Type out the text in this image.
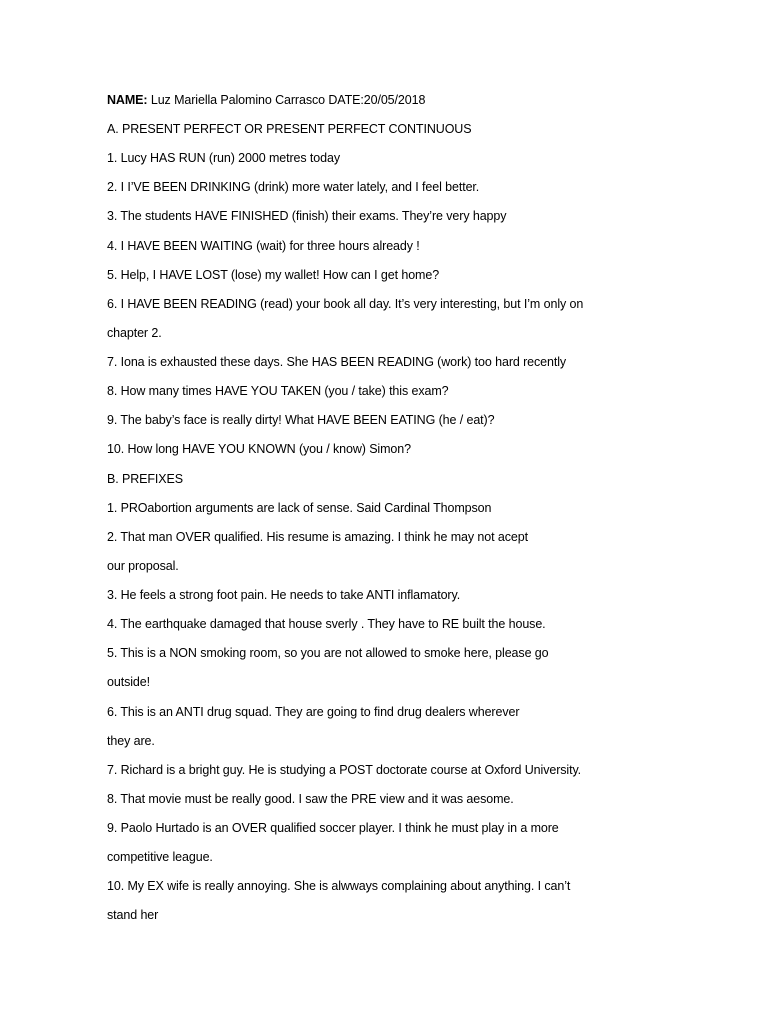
NAME: Luz Mariella Palomino Carrasco DATE:20/05/2018
A. PRESENT PERFECT OR PRESENT PERFECT CONTINUOUS
1. Lucy HAS RUN (run) 2000 metres today
2. I I’VE BEEN DRINKING (drink) more water lately, and I feel better.
3. The students HAVE FINISHED (finish) their exams. They’re very happy
4. I HAVE BEEN WAITING (wait) for three hours already !
5. Help, I HAVE LOST (lose) my wallet! How can I get home?
6. I HAVE BEEN READING (read) your book all day. It’s very interesting, but I’m only on
chapter 2.
7. Iona is exhausted these days. She HAS BEEN READING (work) too hard recently
8. How many times HAVE YOU TAKEN (you / take) this exam?
9. The baby’s face is really dirty! What HAVE BEEN EATING (he / eat)?
10. How long HAVE YOU KNOWN (you / know) Simon?
B. PREFIXES
1. PROabortion arguments are lack of sense. Said Cardinal Thompson
2. That man OVER qualified. His resume is amazing. I think he may not acept
our proposal.
3. He feels a strong foot pain. He needs to take ANTI inflamatory.
4. The earthquake damaged that house sverly . They have to RE built the house.
5. This is a NON smoking room, so you are not allowed to smoke here, please go
outside!
6. This is an ANTI drug squad. They are going to find drug dealers wherever
they are.
7. Richard is a bright guy. He is studying a POST doctorate course at Oxford University.
8. That movie must be really good. I saw the PRE view and it was aesome.
9. Paolo Hurtado is an OVER qualified soccer player. I think he must play in a more
competitive league.
10. My EX wife is really annoying. She is alwways complaining about anything. I can’t
stand her
